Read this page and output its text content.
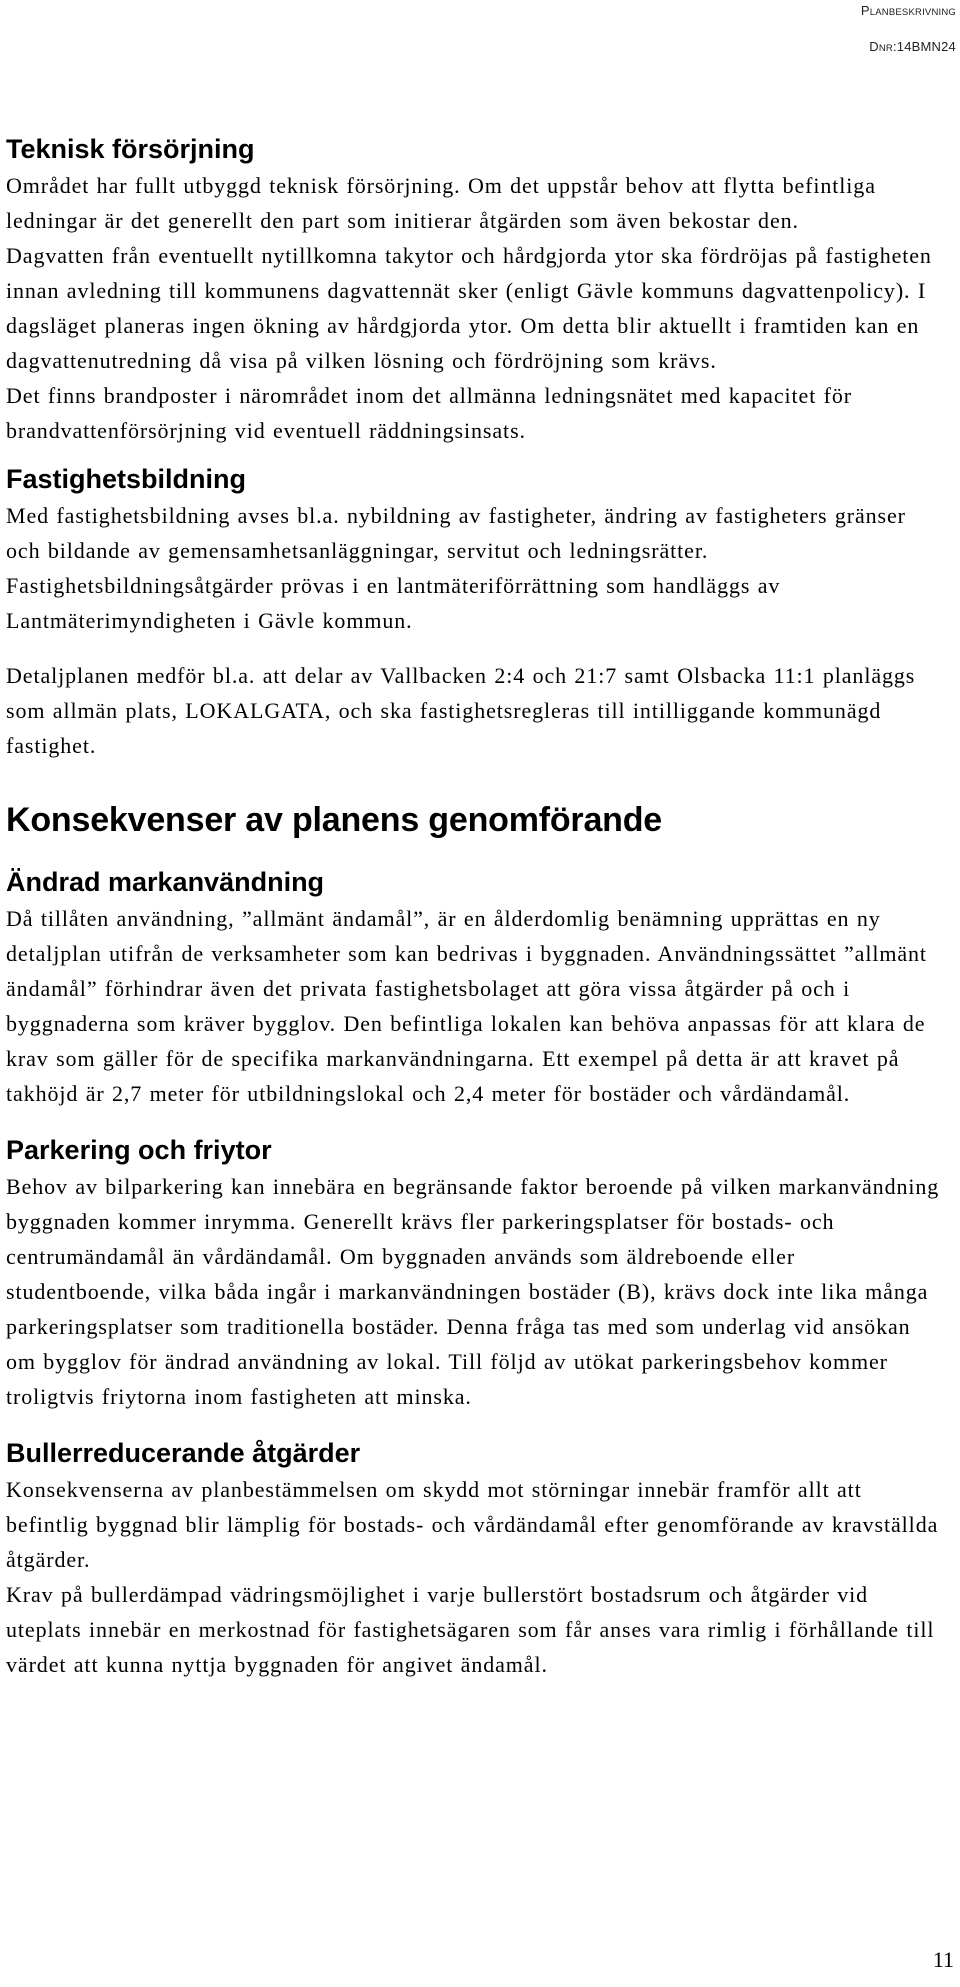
PLANBESKRIVNING
DNR:14BMN24
Teknisk försörjning

Området har fullt utbyggd teknisk försörjning. Om det uppstår behov att flytta befintliga ledningar är det generellt den part som initierar åtgärden som även bekostar den.

Dagvatten från eventuellt nytillkomna takytor och hårdgjorda ytor ska fördröjas på fastigheten innan avledning till kommunens dagvattennät sker (enligt Gävle kommuns dagvattenpolicy). I dagsläget planeras ingen ökning av hårdgjorda ytor. Om detta blir aktuellt i framtiden kan en dagvattenutredning då visa på vilken lösning och fördröjning som krävs.

Det finns brandposter i närområdet inom det allmänna ledningsnätet med kapacitet för brandvattenförsörjning vid eventuell räddningsinsats.

Fastighetsbildning

Med fastighetsbildning avses bl.a. nybildning av fastigheter, ändring av fastigheters gränser och bildande av gemensamhetsanläggningar, servitut och ledningsrätter. Fastighetsbildningsåtgärder prövas i en lantmäteriförrättning som handläggs av Lantmäterimyndigheten i Gävle kommun.

Detaljplanen medför bl.a. att delar av Vallbacken 2:4 och 21:7 samt Olsbacka 11:1 planläggs som allmän plats, LOKALGATA, och ska fastighetsregleras till intilliggande kommunägd fastighet.

Konsekvenser av planens genomförande
Ändrad markanvändning

Då tillåten användning, ”allmänt ändamål”, är en ålderdomlig benämning upprättas en ny detaljplan utifrån de verksamheter som kan bedrivas i byggnaden. Användningssättet ”allmänt ändamål” förhindrar även det privata fastighetsbolaget att göra vissa åtgärder på och i byggnaderna som kräver bygglov. Den befintliga lokalen kan behöva anpassas för att klara de krav som gäller för de specifika markanvändningarna. Ett exempel på detta är att kravet på takhöjd är 2,7 meter för utbildningslokal och 2,4 meter för bostäder och vårdändamål.

Parkering och friytor

Behov av bilparkering kan innebära en begränsande faktor beroende på vilken markanvändning byggnaden kommer inrymma. Generellt krävs fler parkeringsplatser för bostads- och centrumändamål än vårdändamål. Om byggnaden används som äldreboende eller studentboende, vilka båda ingår i markanvändningen bostäder (B), krävs dock inte lika många parkeringsplatser som traditionella bostäder. Denna fråga tas med som underlag vid ansökan om bygglov för ändrad användning av lokal. Till följd av utökat parkeringsbehov kommer troligtvis friytorna inom fastigheten att minska.

Bullerreducerande åtgärder

Konsekvenserna av planbestämmelsen om skydd mot störningar innebär framför allt att befintlig byggnad blir lämplig för bostads- och vårdändamål efter genomförande av kravställda åtgärder.

Krav på bullerdämpad vädringsmöjlighet i varje bullerstört bostadsrum och åtgärder vid uteplats innebär en merkostnad för fastighetsägaren som får anses vara rimlig i förhållande till värdet att kunna nyttja byggnaden för angivet ändamål.

11
